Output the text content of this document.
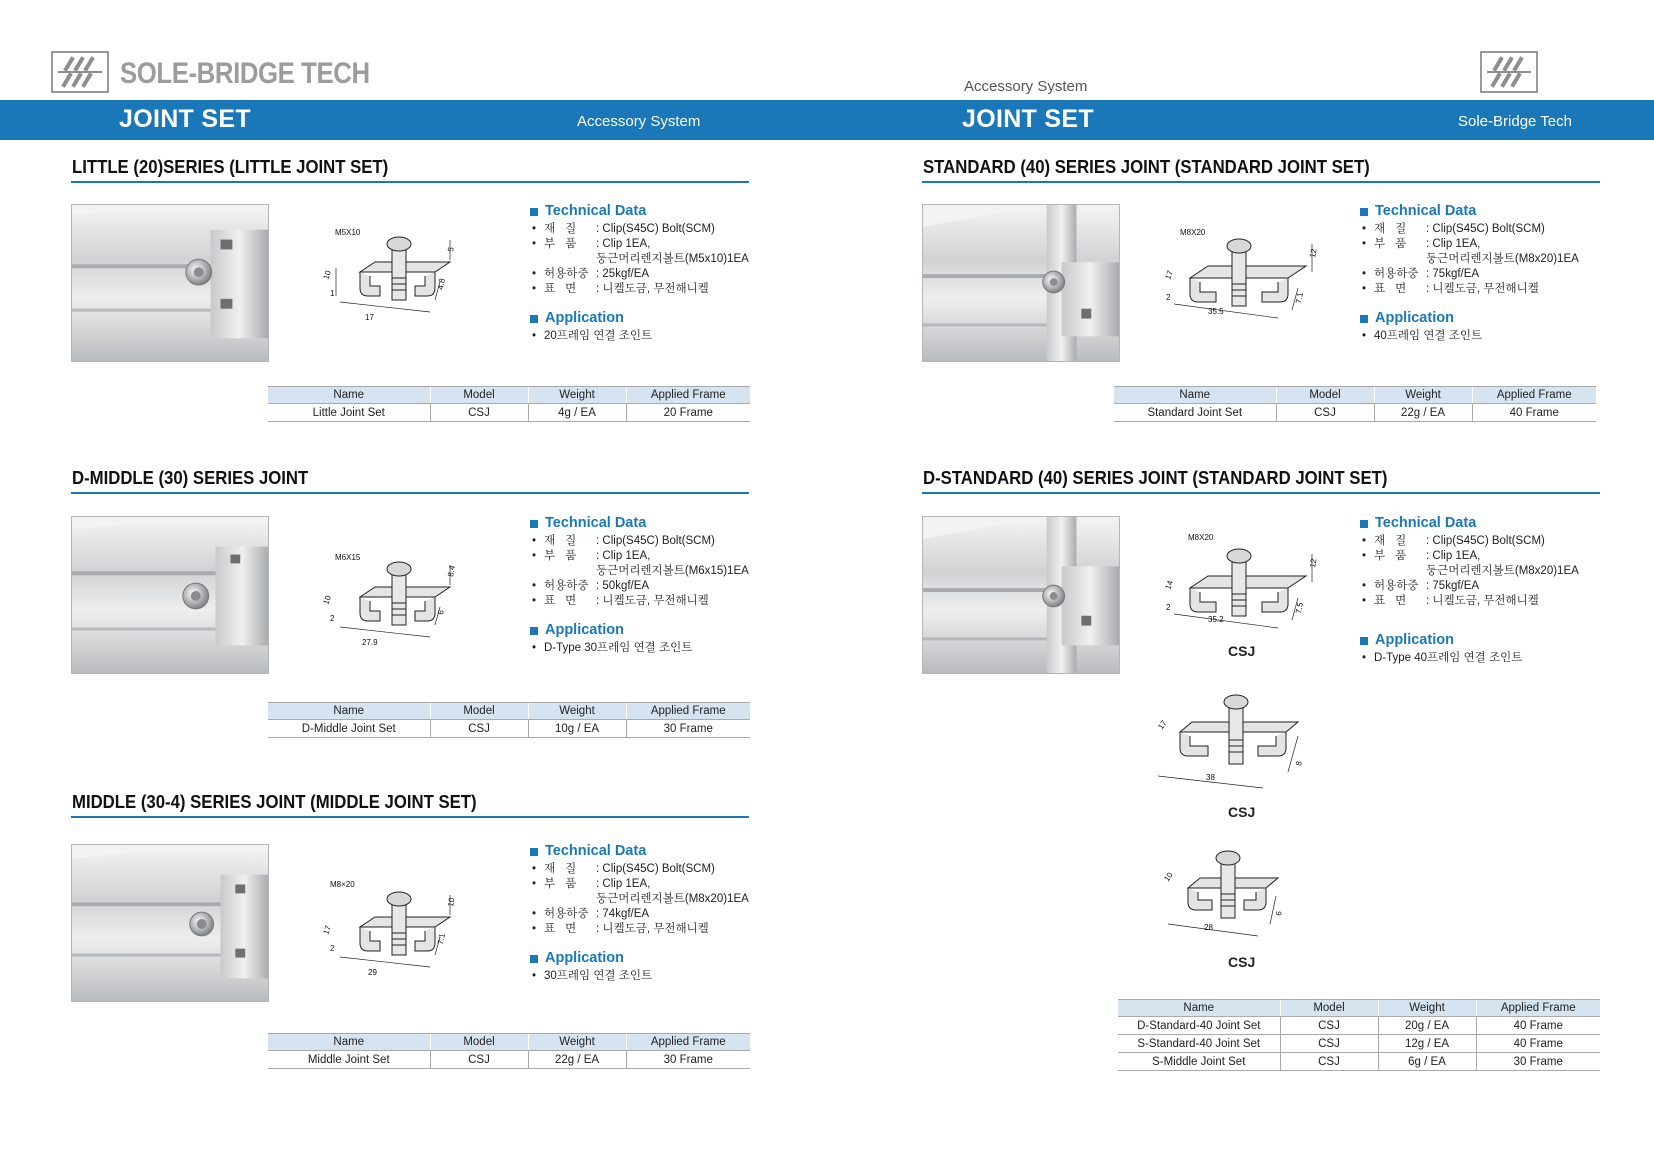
SOLE-BRIDGE TECH	Accessory System
JOINT SET	Accessory System	JOINT SET	Sole-Bridge Tech
LITTLE (20)SERIES (LITTLE JOINT SET)
M5X10
10
1
17
5
4.8
Technical Data
• 재질 : Clip(S45C) Bolt(SCM)
• 부품 : Clip 1EA,
둥근머리렌지볼트(M5x10)1EA
• 허용하중 : 25kgf/EA
• 표면 : 니켈도금, 무전해니켈
Application
• 20프레임 연결 조인트
Name	Model	Weight	Applied Frame
Little Joint Set	CSJ	4g / EA	20 Frame
D-MIDDLE (30) SERIES JOINT
M6X15
10
2
27.9
8.4
6
Technical Data
• 재질 : Clip(S45C) Bolt(SCM)
• 부품 : Clip 1EA,
둥근머리렌지볼트(M6x15)1EA
• 허용하중 : 50kgf/EA
• 표면 : 니켈도금, 무전해니켈
Application
• D-Type 30프레임 연결 조인트
Name	Model	Weight	Applied Frame
D-Middle Joint Set	CSJ	10g / EA	30 Frame
MIDDLE (30-4) SERIES JOINT (MIDDLE JOINT SET)
M8×20
17
2
29
10
7.1
Technical Data
• 재질 : Clip(S45C) Bolt(SCM)
• 부품 : Clip 1EA,
둥근머리렌지볼트(M8x20)1EA
• 허용하중 : 74kgf/EA
• 표면 : 니켈도금, 무전해니켈
Application
• 30프레임 연결 조인트
Name	Model	Weight	Applied Frame
Middle Joint Set	CSJ	22g / EA	30 Frame
STANDARD (40) SERIES JOINT (STANDARD JOINT SET)
M8X20
17
2
35.5
12
7.1
Technical Data
• 재질 : Clip(S45C) Bolt(SCM)
• 부품 : Clip 1EA,
둥근머리렌지볼트(M8x20)1EA
• 허용하중 : 75kgf/EA
• 표면 : 니켈도금, 무전해니켈
Application
• 40프레임 연결 조인트
Name	Model	Weight	Applied Frame
Standard Joint Set	CSJ	22g / EA	40 Frame
D-STANDARD (40) SERIES JOINT (STANDARD JOINT SET)
M8X20
14
2
35.2
12
7.5
CSJ
17
38
8
CSJ
10
28
6
CSJ
Technical Data
• 재질 : Clip(S45C) Bolt(SCM)
• 부품 : Clip 1EA,
둥근머리렌지볼트(M8x20)1EA
• 허용하중 : 75kgf/EA
• 표면 : 니켈도금, 무전해니켈
Application
• D-Type 40프레임 연결 조인트
Name	Model	Weight	Applied Frame
D-Standard-40 Joint Set	CSJ	20g / EA	40 Frame
S-Standard-40 Joint Set	CSJ	12g / EA	40 Frame
S-Middle Joint Set	CSJ	6g / EA	30 Frame
